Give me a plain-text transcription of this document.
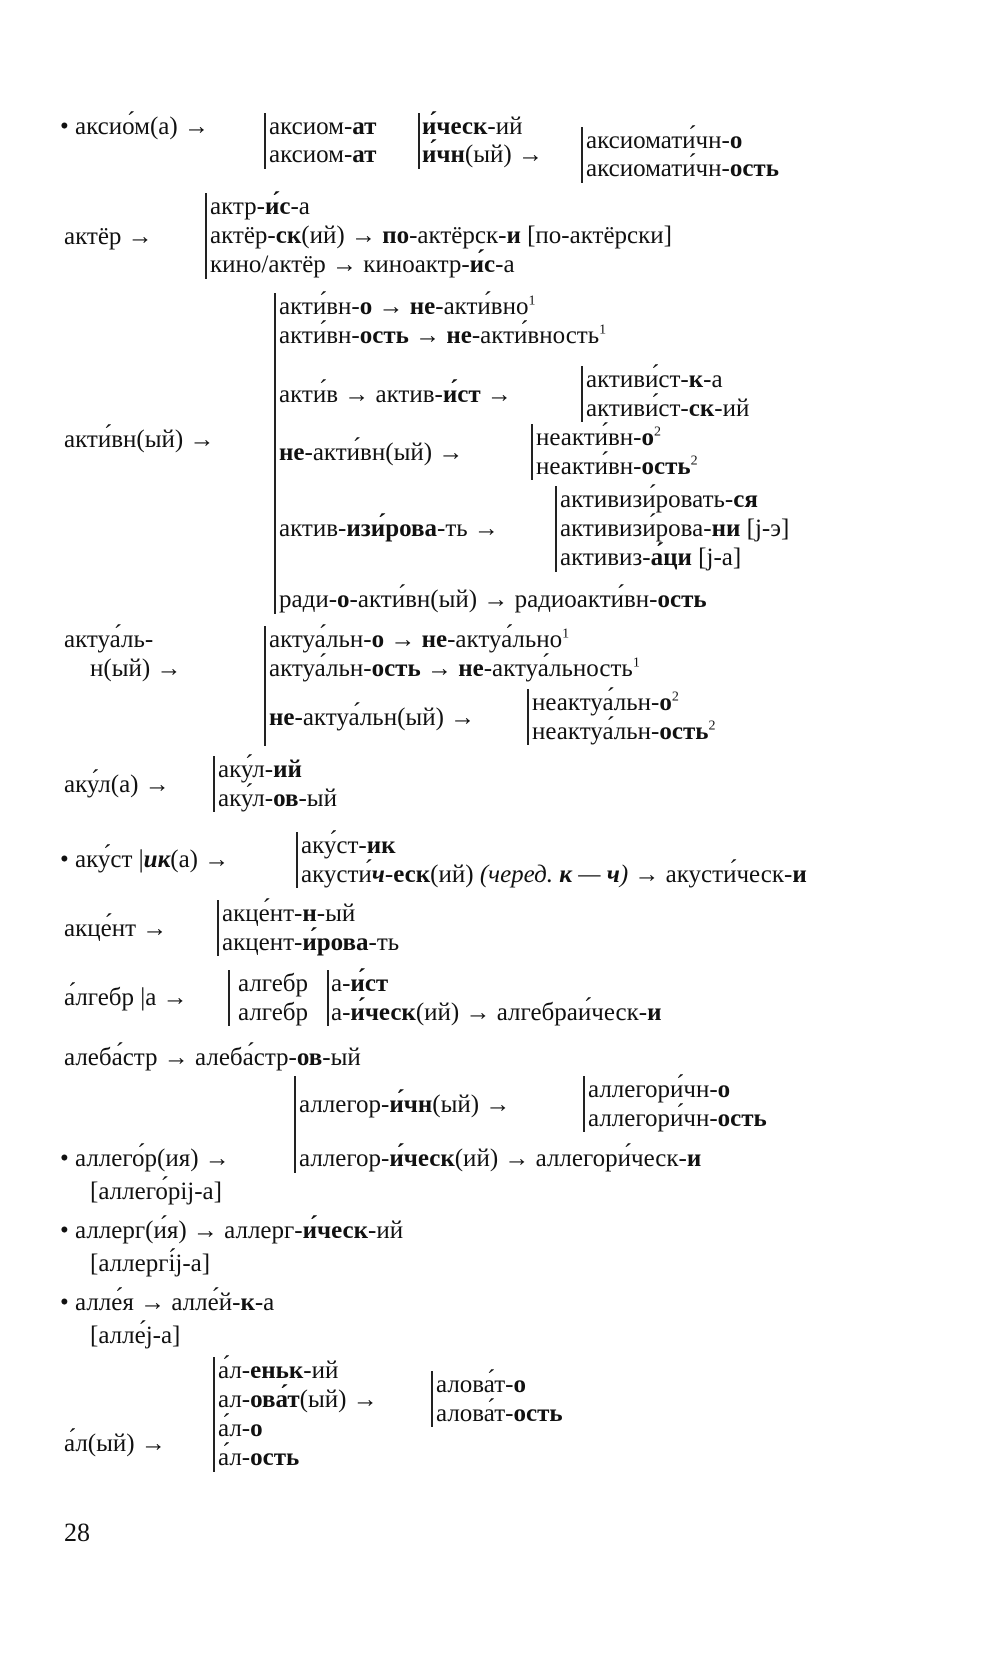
• аксио́м(а) → аксиом-ат
аксиом-ат
и́ческ-ий
и́чн(ый) →
аксиомати́чн-о
аксиомати́чн-ость
актёр →
актр-и́с-а
актёр-ск(ий) → по-актёрск-и [по-актёрски]
кино/актёр → киноактр-и́с-а
акти́вн(ый) →
акти́вн-о → не-акти́вно$^1$
акти́вн-ость → не-акти́вность$^1$
акти́в → актив-и́ст →
активи́ст-к-а
активи́ст-ск-ий
не-акти́вн(ый) →
$неакти́вн-о^2$
неакти́вн-ость$^2$
актив-изи́рова-ть →
активизи́ровать-ся
активизи́рова-ни [j-э]
активиз-а́ци [j-а]
ради-о-акти́вн(ый) → радиоакти́вн-ость
актуа́ль-
н(ый) →
актуа́льн-о → не-актуа́льно$^1$
актуа́льн-ость → не-актуа́льность$^1$
не-актуа́льн(ый) →
$неактуа́льн-о^2$
неактуа́льн-ость$^2$
аку́л(а) →
аку́л-ий
аку́л-ов-ый
• аку́ст |ик(а) →
аку́ст-ик
акусти́ч-еск(ий) (черед. к — ч) → акусти́ческ-и
акце́нт →
акце́нт-н-ый
акцент-и́рова-ть
а́лгебр |а →
алгебр
алгебр
а-и́ст
а-и́ческ(ий) → алгебраи́ческ-и
алеба́стр → алеба́стр-ов-ый
аллегор-и́чн(ый) →
аллегори́чн-о
аллегори́чн-ость
• аллего́р(ия) →	аллегор-и́ческ(ий) → аллегори́ческ-и
[аллего́рij-а]
• аллерг(и́я) → аллерг-и́ческ-ий
[аллергі́j-а]
• алле́я → алле́й-к-а
[алле́j-а]
а́л-еньк-ий
ал-ова́т(ый) →
а́л-о
а́л-ость
а́л(ый) →
алова́т-о
алова́т-ость
28
